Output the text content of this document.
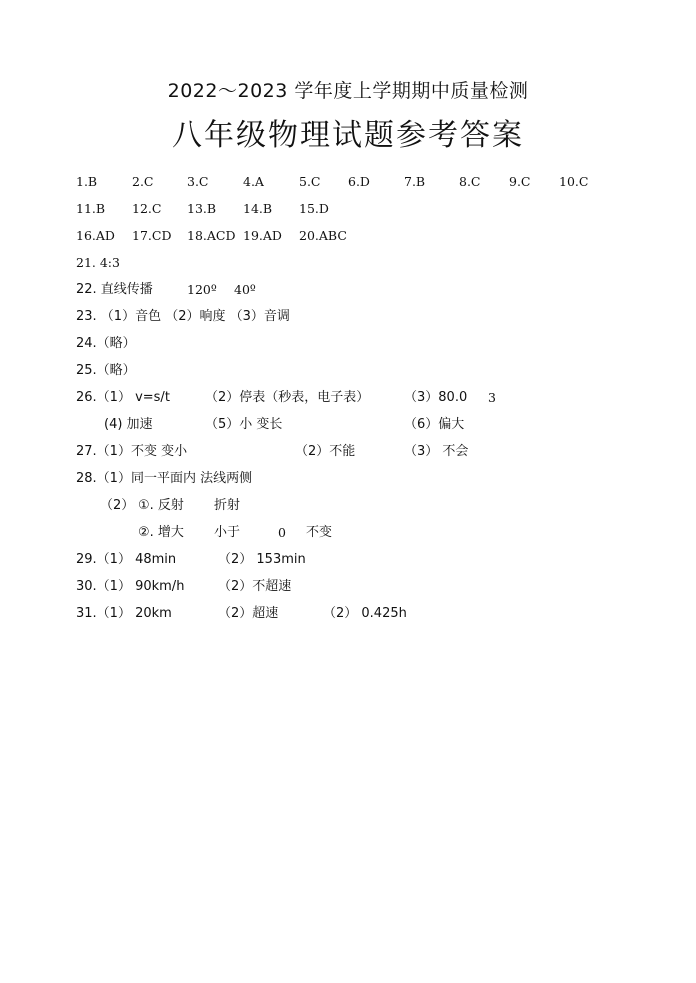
2022～2023 学年度上学期期中质量检测
八年级物理试题参考答案
1.B	2.C	3.C	4.A	5.C 6.D	7.B	8.C 9.C 10.C
11.B 12.C 13.B 14.B 15.D
16.AD 17.CD 18.ACD 19.AD 20.ABC
21. 4:3
22. 直线传播	120º 40º
23. （1）音色 （2）响度 （3）音调
24.（略）
25.（略）
26.（1） v=s/t	（2）停表（秒表，电子表）	（3）80.0 3
(4) 加速	（5）小 变长	（6）偏大
27.（1）不变 变小	（2）不能	（3） 不会
28.（1）同一平面内 法线两侧
（2） ①. 反射 折射
②. 增大 小于	0 不变
29.（1） 48min	（2） 153min
30.（1） 90km/h	（2）不超速
31.（1） 20km	（2）超速	（2） 0.425h
